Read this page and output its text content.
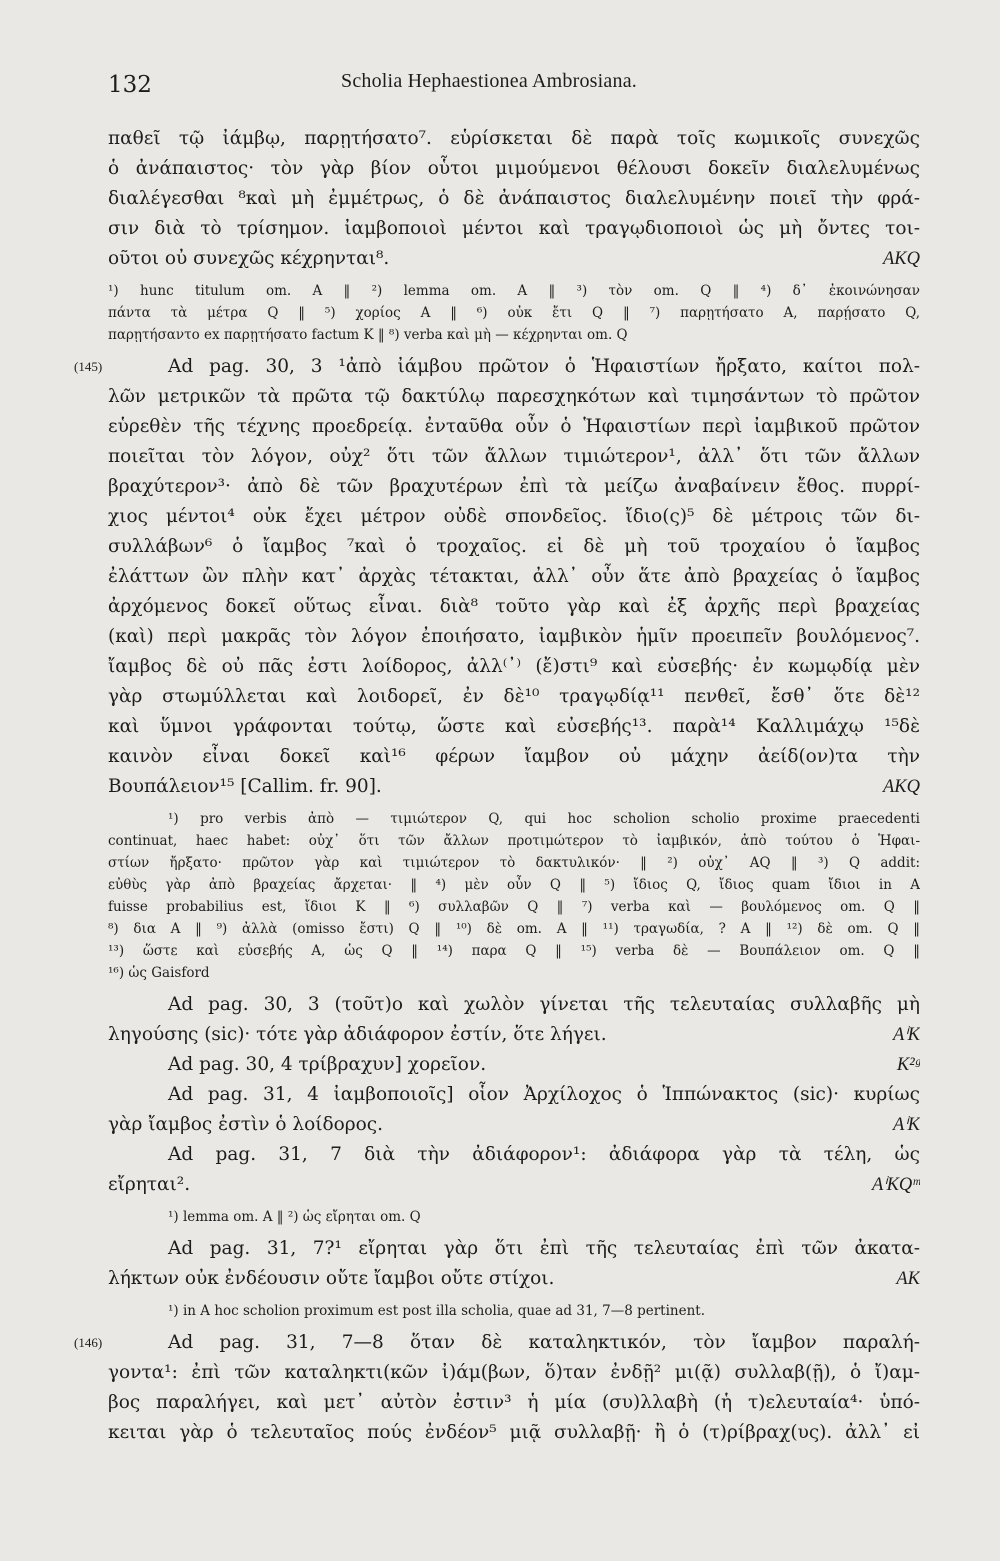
132	Scholia Hephaestionea Ambrosiana.
παθεῖ τῷ ἰάμβῳ, παρῃτήσατο⁷. εὑρίσκεται δὲ παρὰ τοῖς κωμικοῖς συνεχῶς
ὁ ἀνάπαιστος· τὸν γὰρ βίον οὗτοι μιμούμενοι θέλουσι δοκεῖν διαλελυμένως
διαλέγεσθαι ⁸καὶ μὴ ἐμμέτρως, ὁ δὲ ἀνάπαιστος διαλελυμένην ποιεῖ τὴν φρά-
σιν διὰ τὸ τρίσημον. ἰαμβοποιοὶ μέντοι καὶ τραγῳδιοποιοὶ ὡς μὴ ὄντες τοι-
οῦτοι οὐ συνεχῶς κέχρηνται⁸.	AKQ
¹) hunc titulum om. A ‖ ²) lemma om. A ‖ ³) τὸν om. Q ‖ ⁴) δ᾽ ἐκοινώνησαν
πάντα τὰ μέτρα Q ‖ ⁵) χορίος A ‖ ⁶) οὐκ ἔτι Q ‖ ⁷) παρῃτήσατο A, παρῄσατο Q,
παρῃτήσαντο ex παρῃτήσατο factum K ‖ ⁸) verba καὶ μὴ — κέχρηνται om. Q
Ad pag. 30, 3 ¹ἀπὸ ἰάμβου πρῶτον ὁ Ἡφαιστίων ἤρξατο, καίτοι πολ-
λῶν μετρικῶν τὰ πρῶτα τῷ δακτύλῳ παρεσχηκότων καὶ τιμησάντων τὸ πρῶτον
εὑρεθὲν τῆς τέχνης προεδρείᾳ. ἐνταῦθα οὖν ὁ Ἡφαιστίων περὶ ἰαμβικοῦ πρῶτον
ποιεῖται τὸν λόγον, οὐχ² ὅτι τῶν ἄλλων τιμιώτερον¹, ἀλλ᾽ ὅτι τῶν ἄλλων
βραχύτερον³· ἀπὸ δὲ τῶν βραχυτέρων ἐπὶ τὰ μείζω ἀναβαίνειν ἔθος. πυρρί-
χιος μέντοι⁴ οὐκ ἔχει μέτρον οὐδὲ σπονδεῖος. ἴδιο(ς)⁵ δὲ μέτροις τῶν δι-
συλλάβων⁶ ὁ ἴαμβος ⁷καὶ ὁ τροχαῖος. εἰ δὲ μὴ τοῦ τροχαίου ὁ ἴαμβος
ἐλάττων ὢν πλὴν κατ᾽ ἀρχὰς τέτακται, ἀλλ᾽ οὖν ἅτε ἀπὸ βραχείας ὁ ἴαμβος
ἀρχόμενος δοκεῖ οὕτως εἶναι. διὰ⁸ τοῦτο γὰρ καὶ ἐξ ἀρχῆς περὶ βραχείας
(καὶ) περὶ μακρᾶς τὸν λόγον ἐποιήσατο, ἰαμβικὸν ἡμῖν προειπεῖν βουλόμενος⁷.
ἴαμβος δὲ οὐ πᾶς ἐστι λοίδορος, ἀλλ⁽᾽⁾ (ἔ)στι⁹ καὶ εὐσεβής· ἐν κωμῳδίᾳ μὲν
γὰρ στωμύλλεται καὶ λοιδορεῖ, ἐν δὲ¹⁰ τραγῳδίᾳ¹¹ πενθεῖ, ἔσθ᾽ ὅτε δὲ¹²
καὶ ὕμνοι γράφονται τούτῳ, ὥστε καὶ εὐσεβής¹³. παρὰ¹⁴ Καλλιμάχῳ ¹⁵δὲ
καινὸν εἶναι δοκεῖ καὶ¹⁶ φέρων ἴαμβον οὐ μάχην ἀείδ(ον)τα τὴν
Βουπάλειον¹⁵ [Callim. fr. 90].	AKQ
¹) pro verbis ἀπὸ — τιμιώτερον Q, qui hoc scholion scholio proxime praecedenti
continuat, haec habet: οὐχ᾽ ὅτι τῶν ἄλλων προτιμώτερον τὸ ἰαμβικόν, ἀπὸ τούτου ὁ Ἡφαι-
στίων ἤρξατο· πρῶτον γὰρ καὶ τιμιώτερον τὸ δακτυλικόν· ‖ ²) οὐχ᾽ AQ ‖ ³) Q addit:
εὐθὺς γὰρ ἀπὸ βραχείας ἄρχεται· ‖ ⁴) μὲν οὖν Q ‖ ⁵) ἴδιος Q, ἴδιος quam ἴδιοι in A
fuisse probabilius est, ἴδιοι K ‖ ⁶) συλλαβῶν Q ‖ ⁷) verba καὶ — βουλόμενος om. Q ‖
⁸) δια A ‖ ⁹) ἀλλὰ (omisso ἔστι) Q ‖ ¹⁰) δὲ om. A ‖ ¹¹) τραγωδία, ? A ‖ ¹²) δὲ om. Q ‖
¹³) ὥστε καὶ εὐσεβής A, ὡς Q ‖ ¹⁴) παρα Q ‖ ¹⁵) verba δὲ — Βουπάλειον om. Q ‖
¹⁶) ὡς Gaisford
Ad pag. 30, 3 (τοῦτ)ο καὶ χωλὸν γίνεται τῆς τελευταίας συλλαβῆς μὴ
ληγούσης (sic)· τότε γὰρ ἀδιάφορον ἐστίν, ὅτε λήγει.	AⁱK
Ad pag. 30, 4 τρίβραχυν] χορεῖον.	K²ᵍ
Ad pag. 31, 4 ἰαμβοποιοῖς] οἷον Ἀρχίλοχος ὁ Ἱππώνακτος (sic)· κυρίως
γὰρ ἴαμβος ἐστὶν ὁ λοίδορος.	AⁱK
Ad pag. 31, 7 διὰ τὴν ἀδιάφορον¹: ἀδιάφορα γὰρ τὰ τέλη, ὡς
εἴρηται².	AⁱKQᵐ
¹) lemma om. A ‖ ²) ὡς εἴρηται om. Q
Ad pag. 31, 7?¹ εἴρηται γὰρ ὅτι ἐπὶ τῆς τελευταίας ἐπὶ τῶν ἀκατα-
λήκτων οὐκ ἐνδέουσιν οὔτε ἴαμβοι οὔτε στίχοι.	AK
¹) in A hoc scholion proximum est post illa scholia, quae ad 31, 7—8 pertinent.
Ad pag. 31, 7—8 ὅταν δὲ καταληκτικόν, τὸν ἴαμβον παραλή-
γοντα¹: ἐπὶ τῶν καταληκτι(κῶν ἰ)άμ(βων, ὅ)ταν ἐνδῇ² μι(ᾷ) συλλαβ(ῇ), ὁ ἴ)αμ-
βος παραλήγει, καὶ μετ᾽ αὐτὸν ἐστιν³ ἡ μία (συ)λλαβὴ (ἡ τ)ελευταία⁴· ὑπό-
κειται γὰρ ὁ τελευταῖος πούς ἐνδέον⁵ μιᾷ συλλαβῇ· ἢ ὁ (τ)ρίβραχ(υς). ἀλλ᾽ εἰ
(145)
(146)
